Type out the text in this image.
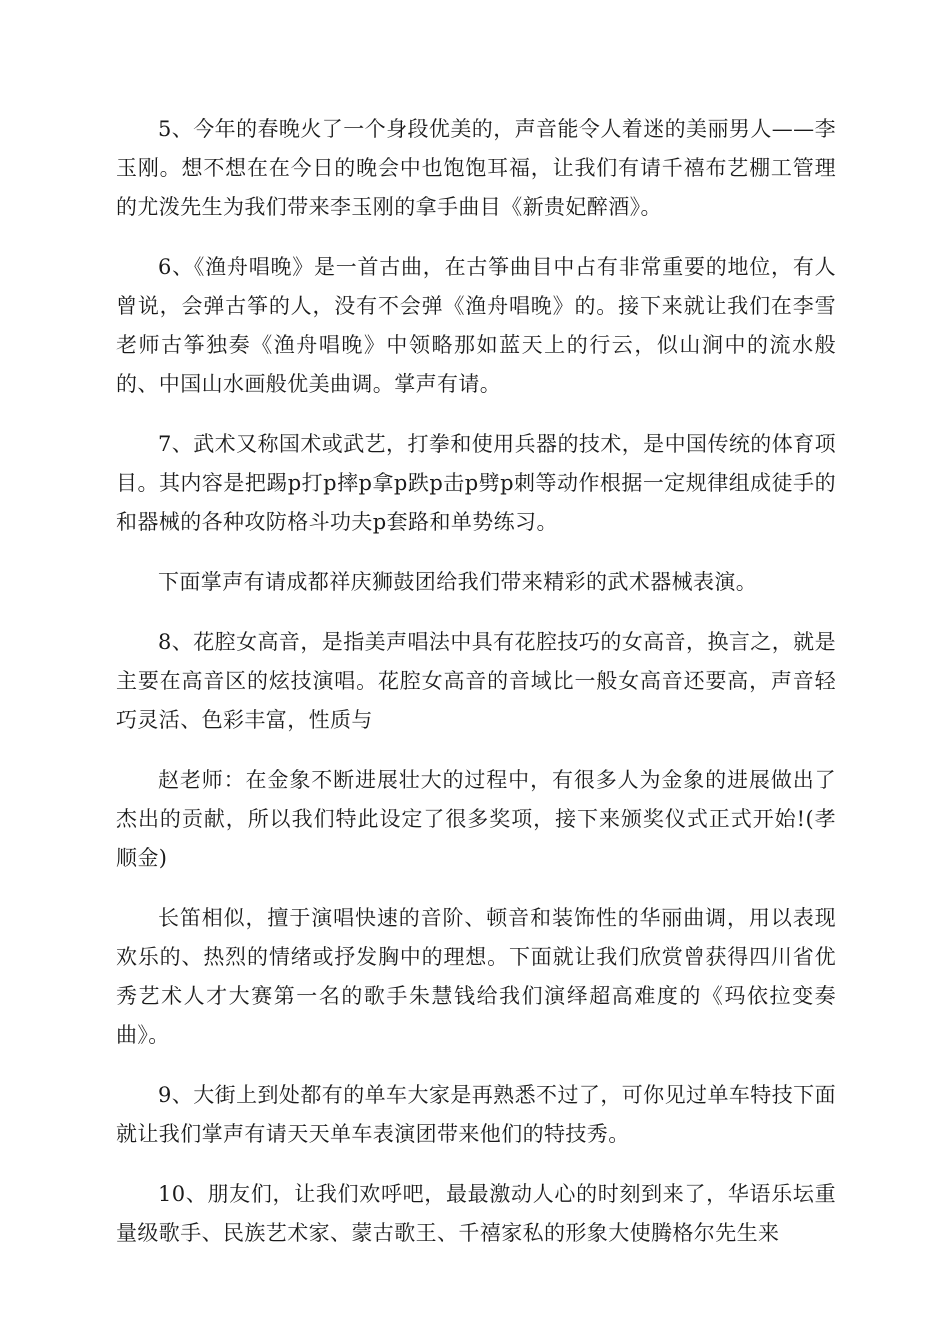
5、今年的春晚火了一个身段优美的，声音能令人着迷的美丽男人——李玉刚。想不想在在今日的晚会中也饱饱耳福，让我们有请千禧布艺棚工管理的尤泼先生为我们带来李玉刚的拿手曲目《新贵妃醉酒》。

6、《渔舟唱晚》是一首古曲，在古筝曲目中占有非常重要的地位，有人曾说，会弹古筝的人，没有不会弹《渔舟唱晚》的。接下来就让我们在李雪老师古筝独奏《渔舟唱晚》中领略那如蓝天上的行云，似山涧中的流水般的、中国山水画般优美曲调。掌声有请。

7、武术又称国术或武艺，打拳和使用兵器的技术，是中国传统的体育项目。其内容是把踢p打p摔p拿p跌p击p劈p刺等动作根据一定规律组成徒手的和器械的各种攻防格斗功夫p套路和单势练习。

下面掌声有请成都祥庆狮鼓团给我们带来精彩的武术器械表演。

8、花腔女高音，是指美声唱法中具有花腔技巧的女高音，换言之，就是主要在高音区的炫技演唱。花腔女高音的音域比一般女高音还要高，声音轻巧灵活、色彩丰富，性质与

赵老师：在金象不断进展壮大的过程中，有很多人为金象的进展做出了杰出的贡献，所以我们特此设定了很多奖项，接下来颁奖仪式正式开始!(孝顺金)

长笛相似，擅于演唱快速的音阶、顿音和装饰性的华丽曲调，用以表现欢乐的、热烈的情绪或抒发胸中的理想。下面就让我们欣赏曾获得四川省优秀艺术人才大赛第一名的歌手朱慧钱给我们演绎超高难度的《玛依拉变奏曲》。

9、大街上到处都有的单车大家是再熟悉不过了，可你见过单车特技下面就让我们掌声有请天天单车表演团带来他们的特技秀。

10、朋友们，让我们欢呼吧，最最激动人心的时刻到来了，华语乐坛重量级歌手、民族艺术家、蒙古歌王、千禧家私的形象大使腾格尔先生来
